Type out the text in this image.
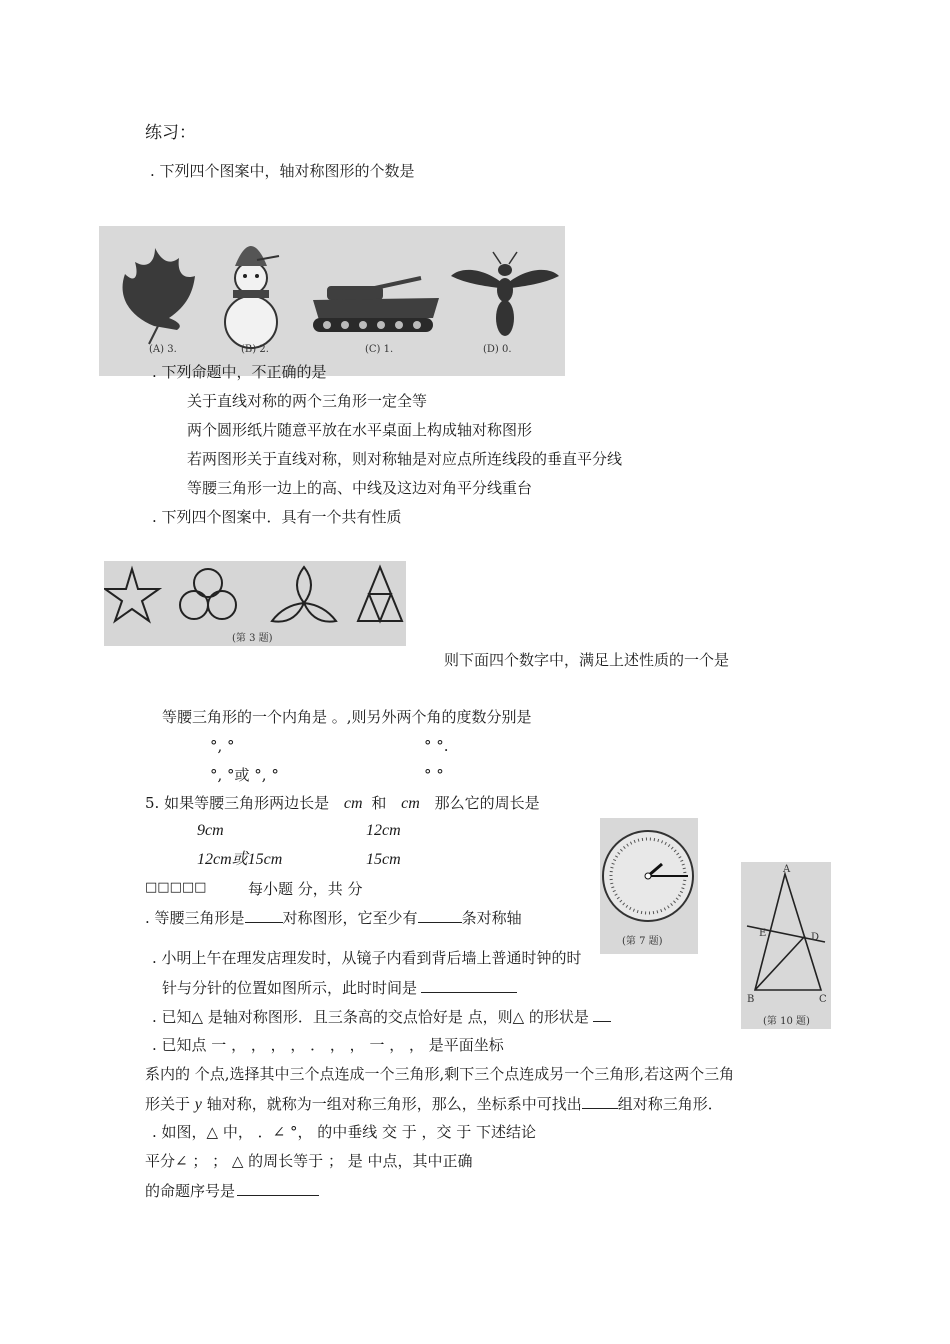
练习：
. 下列四个图案中，轴对称图形的个数是
(A) 3.	(B) 2.	(C) 1.	(D) 0.
. 下列命题中，不正确的是
关于直线对称的两个三角形一定全等
两个圆形纸片随意平放在水平桌面上构成轴对称图形
若两图形关于直线对称，则对称轴是对应点所连线段的垂直平分线
等腰三角形一边上的高、中线及这边对角平分线重台
. 下列四个图案中．具有一个共有性质
(第 3 题)
则下面四个数字中，满足上述性质的一个是
等腰三角形的一个内角是 。,则另外两个角的度数分别是
°, °	° °.
°, °或 °, °	° °
5. 如果等腰三角形两边长是 cm 和 cm 那么它的周长是
9cm	12cm
12cm或15cm	15cm
□□□□□	每小题 分，共 分
(第 7 题)
A
B	C
D
E
(第 10 题)
. 等腰三角形是	对称图形，它至少有	条对称轴
. 小明上午在理发店理发时，从镜子内看到背后墙上普通时钟的时
针与分针的位置如图所示，此时时间是
. 已知△ 是轴对称图形．且三条高的交点恰好是 点，则△ 的形状是
. 已知点 一 ， ， ， ， ． ， ， 一 ， ， 是平面坐标
系内的 个点,选择其中三个点连成一个三角形,剩下三个点连成另一个三角形,若这两个三角
形关于 y 轴对称，就称为一组对称三角形，那么，坐标系中可找出 组对称三角形．
. 如图，△ 中， ．∠ °， 的中垂线 交 于 ，交 于 下述结论
平分∠ ； ； △ 的周长等于 ； 是 中点，其中正确
的命题序号是
